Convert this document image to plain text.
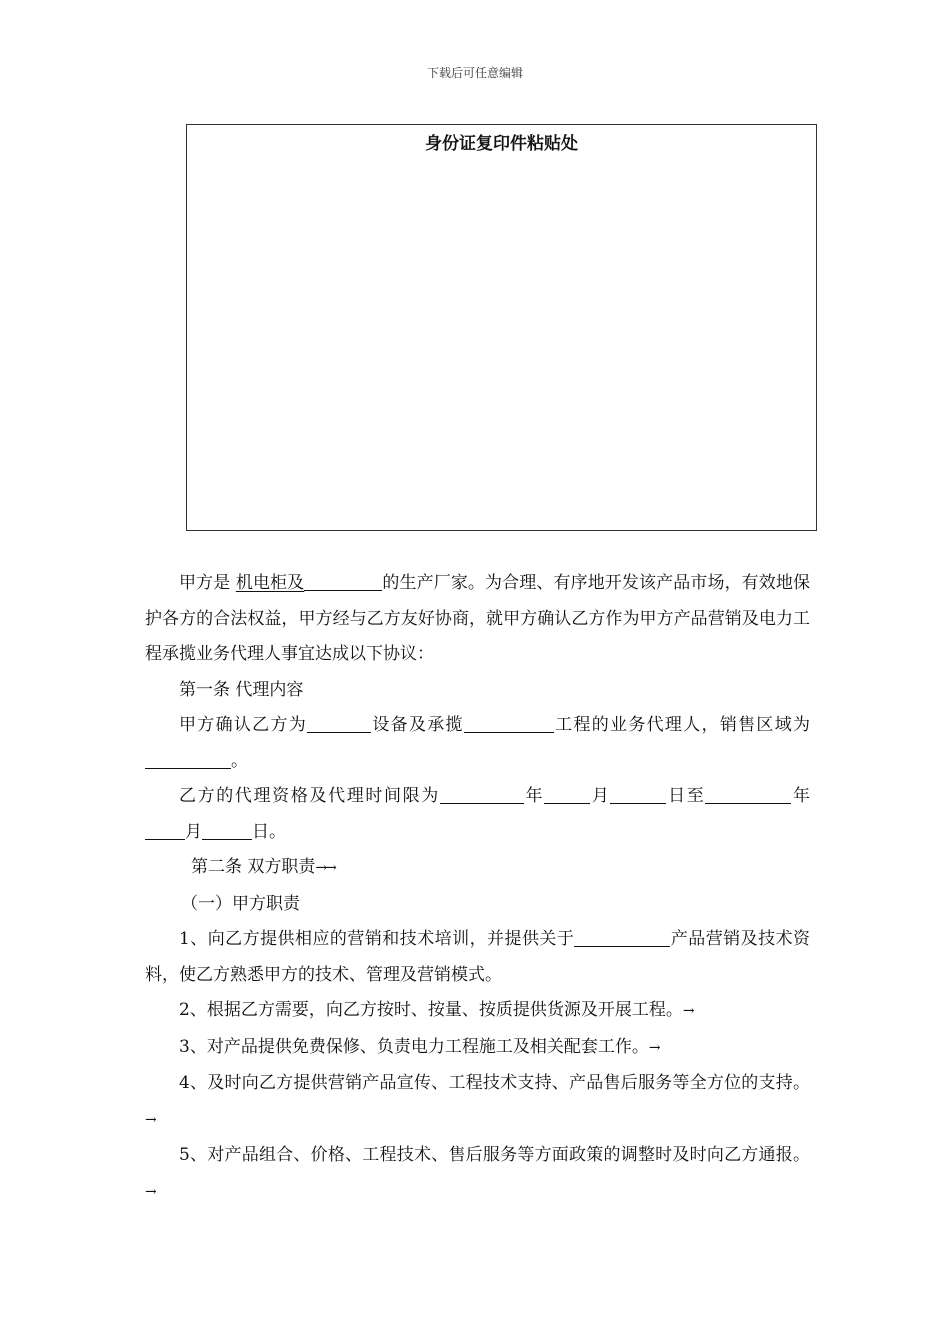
下载后可任意编辑
身份证复印件粘贴处

甲方是 机电柜及	的生产厂家。为合理、有序地开发该产品市场，有效地保护各方的合法权益，甲方经与乙方友好协商，就甲方确认乙方作为甲方产品营销及电力工程承揽业务代理人事宜达成以下协议：

第一条 代理内容

甲方确认乙方为	设备及承揽	工程的业务代理人，销售区域为。

乙方的代理资格及代理时间限为	年	月	日至	年月	日。

第二条 双方职责→→

（一）甲方职责

1、向乙方提供相应的营销和技术培训，并提供关于	产品营销及技术资料，使乙方熟悉甲方的技术、管理及营销模式。

2、根据乙方需要，向乙方按时、按量、按质提供货源及开展工程。→

3、对产品提供免费保修、负责电力工程施工及相关配套工作。→

4、及时向乙方提供营销产品宣传、工程技术支持、产品售后服务等全方位的支持。→

5、对产品组合、价格、工程技术、售后服务等方面政策的调整时及时向乙方通报。→
